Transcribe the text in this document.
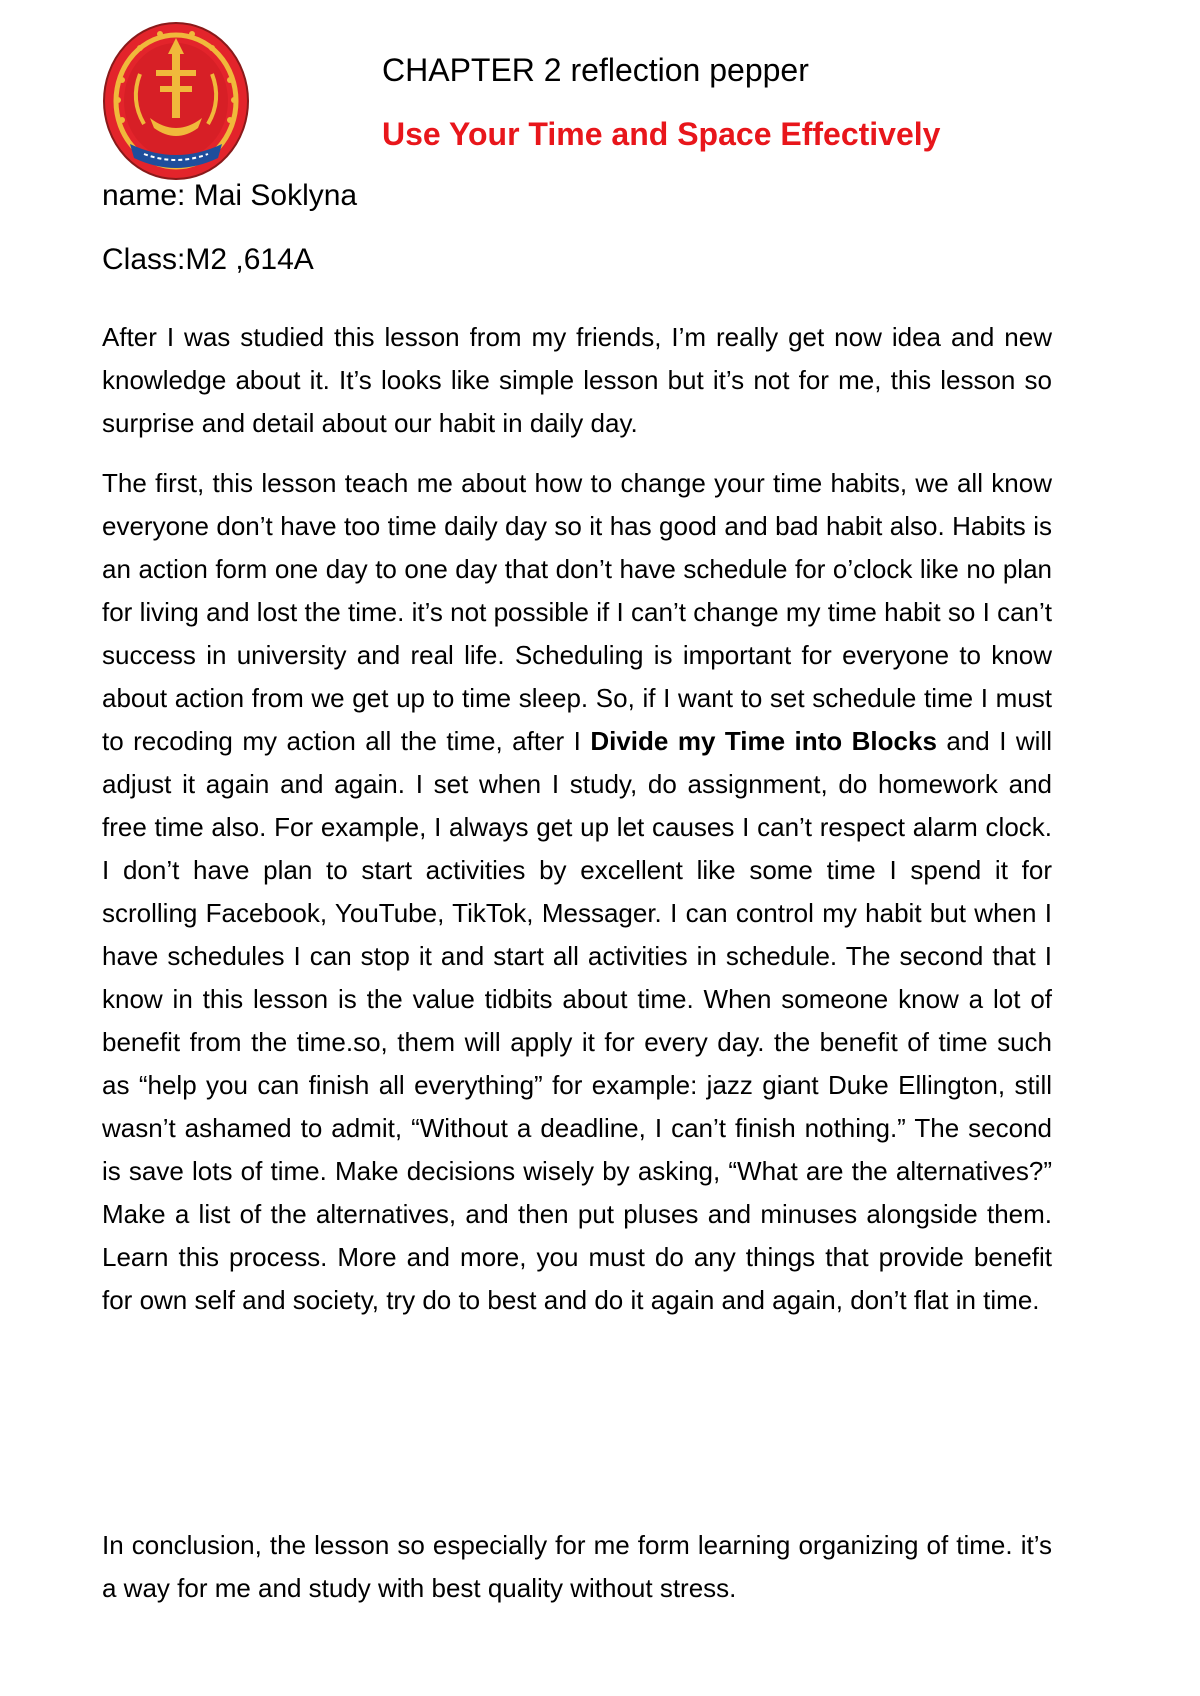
CHAPTER 2 reflection pepper
Use Your Time and Space Effectively
name: Mai Soklyna
Class:M2 ,614A

After I was studied this lesson from my friends, I’m really get now idea and new knowledge about it. It’s looks like simple lesson but it’s not for me, this lesson so surprise and detail about our habit in daily day.

The first, this lesson teach me about how to change your time habits, we all know everyone don’t have too time daily day so it has good and bad habit also. Habits is an action form one day to one day that don’t have schedule for o’clock like no plan for living and lost the time. it’s not possible if I can’t change my time habit so I can’t success in university and real life. Scheduling is important for everyone to know about action from we get up to time sleep. So, if I want to set schedule time I must to recoding my action all the time, after I Divide my Time into Blocks and I will adjust it again and again. I set when I study, do assignment, do homework and free time also. For example, I always get up let causes I can’t respect alarm clock. I don’t have plan to start activities by excellent like some time I spend it for scrolling Facebook, YouTube, TikTok, Messager. I can control my habit but when I have schedules I can stop it and start all activities in schedule. The second that I know in this lesson is the value tidbits about time. When someone know a lot of benefit from the time.so, them will apply it for every day. the benefit of time such as “help you can finish all everything” for example: jazz giant Duke Ellington, still wasn’t ashamed to admit, “Without a deadline, I can’t finish nothing.” The second is save lots of time. Make decisions wisely by asking, “What are the alternatives?” Make a list of the alternatives, and then put pluses and minuses alongside them. Learn this process. More and more, you must do any things that provide benefit for own self and society, try do to best and do it again and again, don’t flat in time.

In conclusion, the lesson so especially for me form learning organizing of time. it’s a way for me and study with best quality without stress.
